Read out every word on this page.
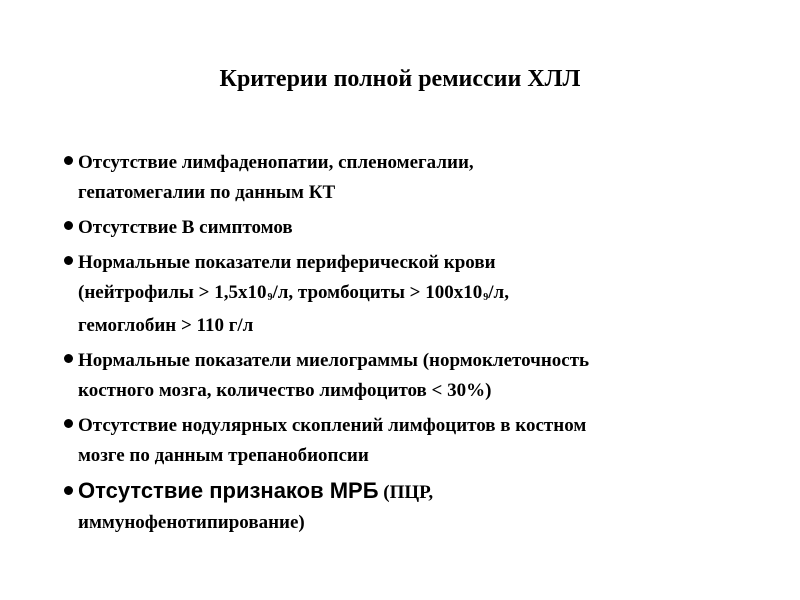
Критерии полной ремиссии ХЛЛ
Отсутствие лимфаденопатии, спленомегалии,
гепатомегалии по данным КТ
Отсутствие B симптомов
Нормальные показатели периферической крови
(нейтрофилы > 1,5х109/л, тромбоциты > 100х109/л,
гемоглобин > 110 г/л
Нормальные показатели миелограммы (нормоклеточность
костного мозга, количество лимфоцитов < 30%)
Отсутствие нодулярных скоплений лимфоцитов в костном
мозге по данным трепанобиопсии
Отсутствие признаков МРБ (ПЦР,
иммунофенотипирование)
